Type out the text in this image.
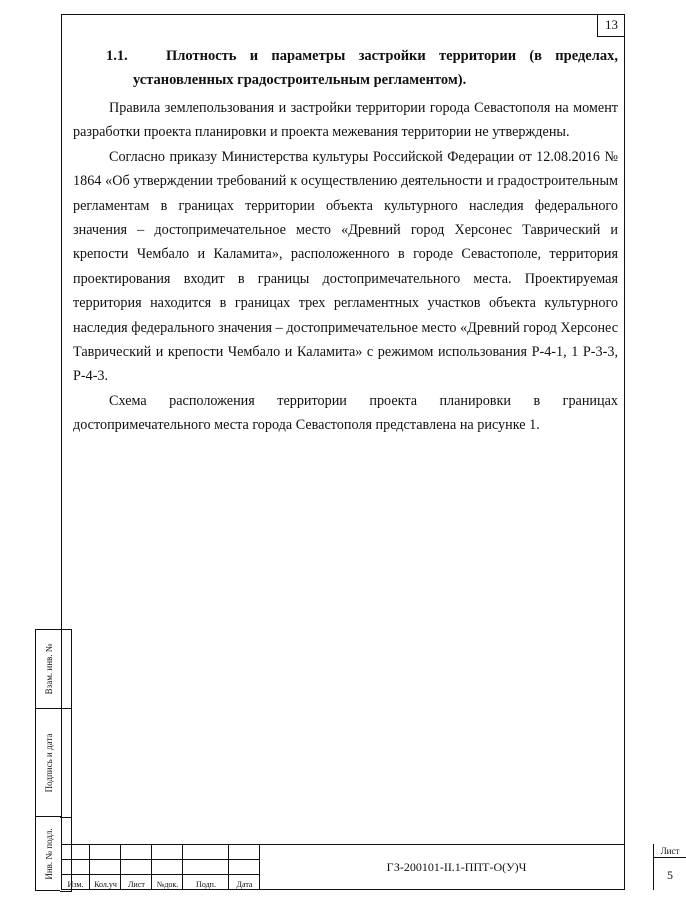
13
1.1.	Плотность и параметры застройки территории (в пределах,
установленных градостроительным регламентом).

Правила землепользования и застройки территории города Севастополя на момент разработки проекта планировки и проекта межевания территории не утверждены.

Согласно приказу Министерства культуры Российской Федерации от 12.08.2016 № 1864 «Об утверждении требований к осуществлению деятельности и градостроительным регламентам в границах территории объекта культурного наследия федерального значения – достопримечательное место «Древний город Херсонес Таврический и крепости Чембало и Каламита», расположенного в городе Севастополе, территория проектирования входит в границы достопримечательного места. Проектируемая территория находится в границах трех регламентных участков объекта культурного наследия федерального значения – достопримечательное место «Древний город Херсонес Таврический и крепости Чембало и Каламита» с режимом использования Р-4-1, 1 Р-3-3, Р-4-3.

Схема расположения территории проекта планировки в границах достопримечательного места города Севастополя представлена на рисунке 1.

Взам. инв. №
Подпись и дата
Инв. № подл.
Изм.	Кол.уч	Лист	№док.	Подп.	Дата
ГЗ-200101-II.1-ППТ-О(У)Ч
Лист
5
